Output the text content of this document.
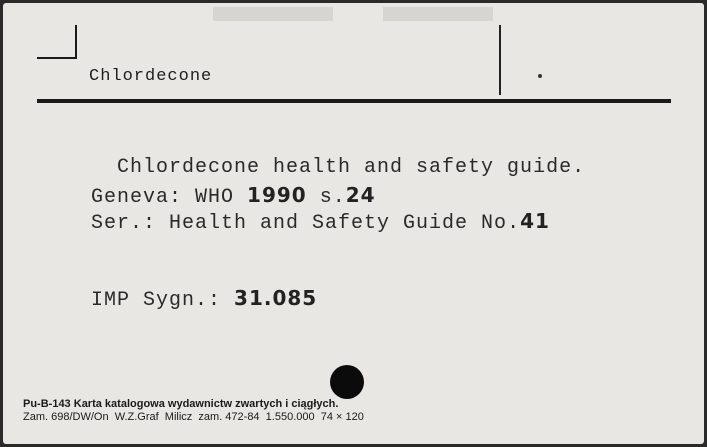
Chlordecone
Chlordecone health and safety guide.
Geneva: WHO 1990 s.24
Ser.: Health and Safety Guide No.41
IMP Sygn.: 31.085
Pu-B-143 Karta katalogowa wydawnictw zwartych i ciągłych.
Zam. 698/DW/On  W.Z.Graf  Milicz  zam. 472-84  1.550.000  74 × 120
